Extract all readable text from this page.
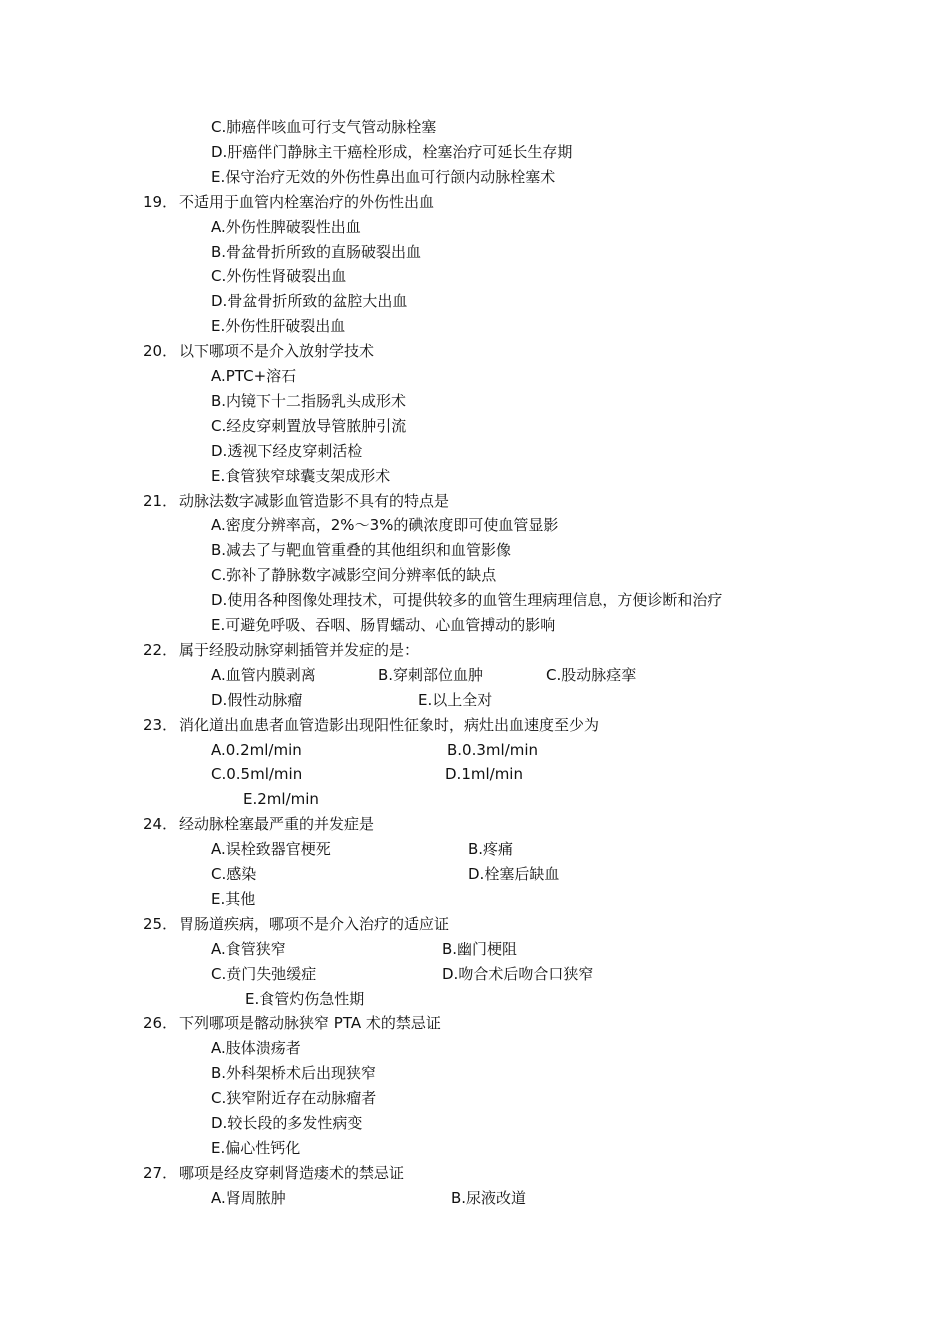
C.肺癌伴咳血可行支气管动脉栓塞
D.肝癌伴门静脉主干癌栓形成，栓塞治疗可延长生存期
E.保守治疗无效的外伤性鼻出血可行颌内动脉栓塞术
19． 不适用于血管内栓塞治疗的外伤性出血
A.外伤性脾破裂性出血
B.骨盆骨折所致的直肠破裂出血
C.外伤性肾破裂出血
D.骨盆骨折所致的盆腔大出血
E.外伤性肝破裂出血
20． 以下哪项不是介入放射学技术
A.PTC+溶石
B.内镜下十二指肠乳头成形术
C.经皮穿刺置放导管脓肿引流
D.透视下经皮穿刺活检
E.食管狭窄球囊支架成形术
21． 动脉法数字减影血管造影不具有的特点是
A.密度分辨率高，2%～3%的碘浓度即可使血管显影
B.减去了与靶血管重叠的其他组织和血管影像
C.弥补了静脉数字减影空间分辨率低的缺点
D.使用各种图像处理技术，可提供较多的血管生理病理信息，方便诊断和治疗
E.可避免呼吸、吞咽、肠胃蠕动、心血管搏动的影响
22． 属于经股动脉穿刺插管并发症的是：
A.血管内膜剥离	B.穿刺部位血肿	C.股动脉痉挛
D.假性动脉瘤	E.以上全对
23． 消化道出血患者血管造影出现阳性征象时，病灶出血速度至少为
A.0.2ml/min	B.0.3ml/min
C.0.5ml/min	D.1ml/min
E.2ml/min
24． 经动脉栓塞最严重的并发症是
A.误栓致器官梗死	B.疼痛
C.感染	D.栓塞后缺血
E.其他
25． 胃肠道疾病，哪项不是介入治疗的适应证
A.食管狭窄	B.幽门梗阻
C.贲门失弛缓症	D.吻合术后吻合口狭窄
E.食管灼伤急性期
26． 下列哪项是髂动脉狭窄 PTA 术的禁忌证
A.肢体溃疡者
B.外科架桥术后出现狭窄
C.狭窄附近存在动脉瘤者
D.较长段的多发性病变
E.偏心性钙化
27． 哪项是经皮穿刺肾造瘘术的禁忌证
A.肾周脓肿	B.尿液改道
